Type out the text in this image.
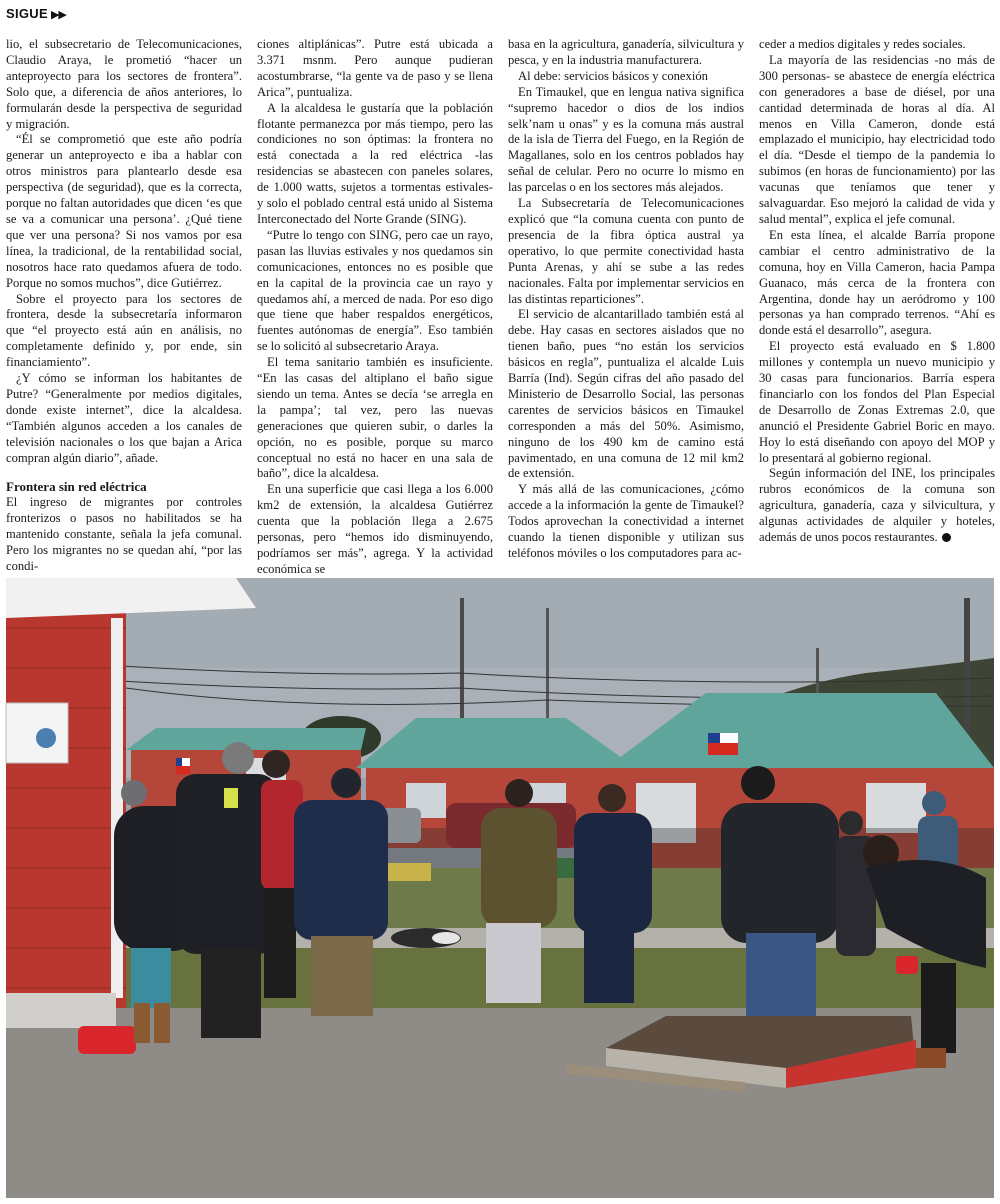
SIGUE ▶▶

lio, el subsecretario de Telecomunicaciones, Claudio Araya, le prometió “hacer un anteproyecto para los sectores de frontera”. Solo que, a diferencia de años anteriores, lo formularán desde la perspectiva de seguridad y migración.

“Él se comprometió que este año podría generar un anteproyecto e iba a hablar con otros ministros para plantearlo desde esa perspectiva (de seguridad), que es la correcta, porque no faltan autoridades que dicen ‘es que se va a comunicar una persona’. ¿Qué tiene que ver una persona? Si nos vamos por esa línea, la tradicional, de la rentabilidad social, nosotros hace rato quedamos afuera de todo. Porque no somos muchos”, dice Gutiérrez.

Sobre el proyecto para los sectores de frontera, desde la subsecretaría informaron que “el proyecto está aún en análisis, no completamente definido y, por ende, sin financiamiento”.

¿Y cómo se informan los habitantes de Putre? “Generalmente por medios digitales, donde existe internet”, dice la alcaldesa. “También algunos acceden a los canales de televisión nacionales o los que bajan a Arica compran algún diario”, añade.

Frontera sin red eléctrica

El ingreso de migrantes por controles fronterizos o pasos no habilitados se ha mantenido constante, señala la jefa comunal. Pero los migrantes no se quedan ahí, “por las condi-

ciones altiplánicas”. Putre está ubicada a 3.371 msnm. Pero aunque pudieran acostumbrarse, “la gente va de paso y se llena Arica”, puntualiza.

A la alcaldesa le gustaría que la población flotante permanezca por más tiempo, pero las condiciones no son óptimas: la frontera no está conectada a la red eléctrica -las residencias se abastecen con paneles solares, de 1.000 watts, sujetos a tormentas estivales- y solo el poblado central está unido al Sistema Interconectado del Norte Grande (SING).

“Putre lo tengo con SING, pero cae un rayo, pasan las lluvias estivales y nos quedamos sin comunicaciones, entonces no es posible que en la capital de la provincia cae un rayo y quedamos ahí, a merced de nada. Por eso digo que tiene que haber respaldos energéticos, fuentes autónomas de energía”. Eso también se lo solicitó al subsecretario Araya.

El tema sanitario también es insuficiente. “En las casas del altiplano el baño sigue siendo un tema. Antes se decía ‘se arregla en la pampa’; tal vez, pero las nuevas generaciones que quieren subir, o darles la opción, no es posible, porque su marco conceptual no está no hacer en una sala de baño”, dice la alcaldesa.

En una superficie que casi llega a los 6.000 km2 de extensión, la alcaldesa Gutiérrez cuenta que la población llega a 2.675 personas, pero “hemos ido disminuyendo, podríamos ser más”, agrega. Y la actividad económica se

basa en la agricultura, ganadería, silvicultura y pesca, y en la industria manufacturera.

Al debe: servicios básicos y conexión

En Timaukel, que en lengua nativa significa “supremo hacedor o dios de los indios selk’nam u onas” y es la comuna más austral de la isla de Tierra del Fuego, en la Región de Magallanes, solo en los centros poblados hay señal de celular. Pero no ocurre lo mismo en las parcelas o en los sectores más alejados.

La Subsecretaría de Telecomunicaciones explicó que “la comuna cuenta con punto de presencia de la fibra óptica austral ya operativo, lo que permite conectividad hasta Punta Arenas, y ahí se sube a las redes nacionales. Falta por implementar servicios en las distintas reparticiones”.

El servicio de alcantarillado también está al debe. Hay casas en sectores aislados que no tienen baño, pues “no están los servicios básicos en regla”, puntualiza el alcalde Luis Barría (Ind). Según cifras del año pasado del Ministerio de Desarrollo Social, las personas carentes de servicios básicos en Timaukel corresponden a más del 50%. Asimismo, ninguno de los 490 km de camino está pavimentado, en una comuna de 12 mil km2 de extensión.

Y más allá de las comunicaciones, ¿cómo accede a la información la gente de Timaukel? Todos aprovechan la conectividad a internet cuando la tienen disponible y utilizan sus teléfonos móviles o los computadores para ac-

ceder a medios digitales y redes sociales.

La mayoría de las residencias -no más de 300 personas- se abastece de energía eléctrica con generadores a base de diésel, por una cantidad determinada de horas al día. Al menos en Villa Cameron, donde está emplazado el municipio, hay electricidad todo el día. “Desde el tiempo de la pandemia lo subimos (en horas de funcionamiento) por las vacunas que teníamos que tener y salvaguardar. Eso mejoró la calidad de vida y salud mental”, explica el jefe comunal.

En esta línea, el alcalde Barría propone cambiar el centro administrativo de la comuna, hoy en Villa Cameron, hacia Pampa Guanaco, más cerca de la frontera con Argentina, donde hay un aeródromo y 100 personas ya han comprado terrenos. “Ahí es donde está el desarrollo”, asegura.

El proyecto está evaluado en $ 1.800 millones y contempla un nuevo municipio y 30 casas para funcionarios. Barría espera financiarlo con los fondos del Plan Especial de Desarrollo de Zonas Extremas 2.0, que anunció el Presidente Gabriel Boric en mayo. Hoy lo está diseñando con apoyo del MOP y lo presentará al gobierno regional.

Según información del INE, los principales rubros económicos de la comuna son agricultura, ganadería, caza y silvicultura, y algunas actividades de alquiler y hoteles, además de unos pocos restaurantes.
